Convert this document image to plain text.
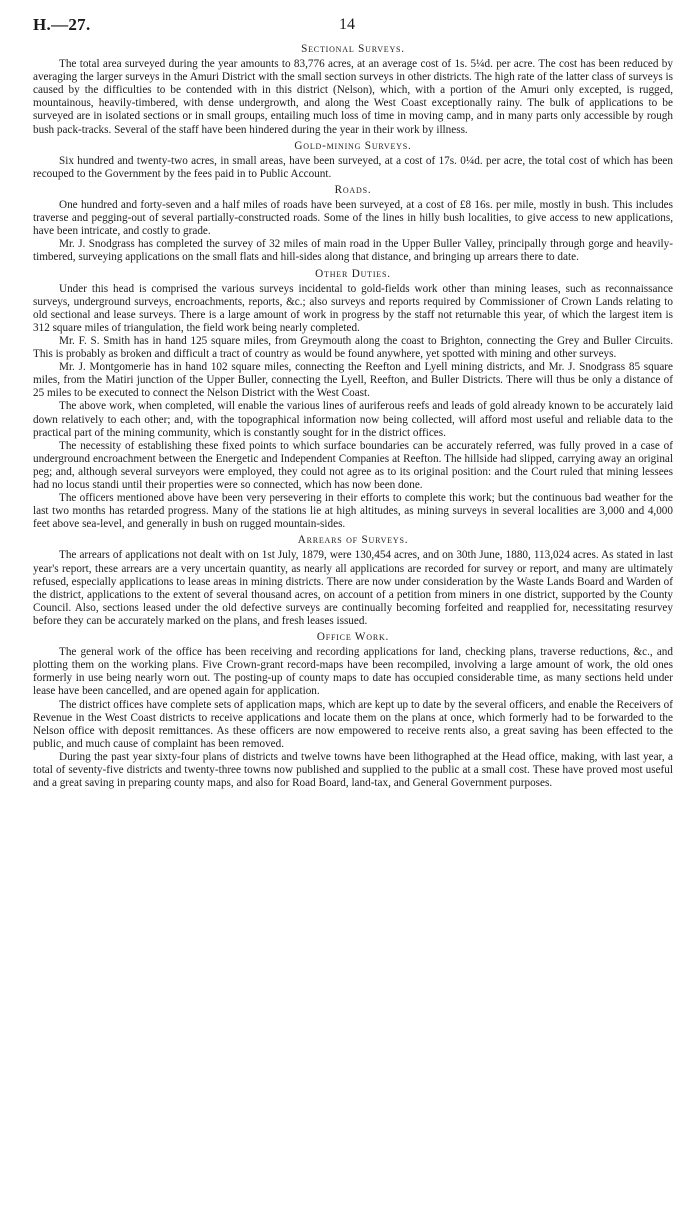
H.—27.	14
Sectional Surveys.

The total area surveyed during the year amounts to 83,776 acres, at an average cost of 1s. 5¼d. per acre. The cost has been reduced by averaging the larger surveys in the Amuri District with the small section surveys in other districts. The high rate of the latter class of surveys is caused by the difficulties to be contended with in this district (Nelson), which, with a portion of the Amuri only excepted, is rugged, mountainous, heavily-timbered, with dense undergrowth, and along the West Coast exceptionally rainy. The bulk of applications to be surveyed are in isolated sections or in small groups, entailing much loss of time in moving camp, and in many parts only accessible by rough bush pack-tracks. Several of the staff have been hindered during the year in their work by illness.

Gold-mining Surveys.

Six hundred and twenty-two acres, in small areas, have been surveyed, at a cost of 17s. 0¼d. per acre, the total cost of which has been recouped to the Government by the fees paid in to Public Account.

Roads.

One hundred and forty-seven and a half miles of roads have been surveyed, at a cost of £8 16s. per mile, mostly in bush. This includes traverse and pegging-out of several partially-constructed roads. Some of the lines in hilly bush localities, to give access to new applications, have been intricate, and costly to grade.

Mr. J. Snodgrass has completed the survey of 32 miles of main road in the Upper Buller Valley, principally through gorge and heavily-timbered, surveying applications on the small flats and hill-sides along that distance, and bringing up arrears there to date.

Other Duties.

Under this head is comprised the various surveys incidental to gold-fields work other than mining leases, such as reconnaissance surveys, underground surveys, encroachments, reports, &c.; also surveys and reports required by Commissioner of Crown Lands relating to old sectional and lease surveys. There is a large amount of work in progress by the staff not returnable this year, of which the largest item is 312 square miles of triangulation, the field work being nearly completed.

Mr. F. S. Smith has in hand 125 square miles, from Greymouth along the coast to Brighton, connecting the Grey and Buller Circuits. This is probably as broken and difficult a tract of country as would be found anywhere, yet spotted with mining and other surveys.

Mr. J. Montgomerie has in hand 102 square miles, connecting the Reefton and Lyell mining districts, and Mr. J. Snodgrass 85 square miles, from the Matiri junction of the Upper Buller, connecting the Lyell, Reefton, and Buller Districts. There will thus be only a distance of 25 miles to be executed to connect the Nelson District with the West Coast.

The above work, when completed, will enable the various lines of auriferous reefs and leads of gold already known to be accurately laid down relatively to each other; and, with the topographical information now being collected, will afford most useful and reliable data to the practical part of the mining community, which is constantly sought for in the district offices.

The necessity of establishing these fixed points to which surface boundaries can be accurately referred, was fully proved in a case of underground encroachment between the Energetic and Independent Companies at Reefton. The hillside had slipped, carrying away an original peg; and, although several surveyors were employed, they could not agree as to its original position: and the Court ruled that mining lessees had no locus standi until their properties were so connected, which has now been done.

The officers mentioned above have been very persevering in their efforts to complete this work; but the continuous bad weather for the last two months has retarded progress. Many of the stations lie at high altitudes, as mining surveys in several localities are 3,000 and 4,000 feet above sea-level, and generally in bush on rugged mountain-sides.

Arrears of Surveys.

The arrears of applications not dealt with on 1st July, 1879, were 130,454 acres, and on 30th June, 1880, 113,024 acres. As stated in last year's report, these arrears are a very uncertain quantity, as nearly all applications are recorded for survey or report, and many are ultimately refused, especially applications to lease areas in mining districts. There are now under consideration by the Waste Lands Board and Warden of the district, applications to the extent of several thousand acres, on account of a petition from miners in one district, supported by the County Council. Also, sections leased under the old defective surveys are continually becoming forfeited and reapplied for, necessitating resurvey before they can be accurately marked on the plans, and fresh leases issued.

Office Work.

The general work of the office has been receiving and recording applications for land, checking plans, traverse reductions, &c., and plotting them on the working plans. Five Crown-grant record-maps have been recompiled, involving a large amount of work, the old ones formerly in use being nearly worn out. The posting-up of county maps to date has occupied considerable time, as many sections held under lease have been cancelled, and are opened again for application.

The district offices have complete sets of application maps, which are kept up to date by the several officers, and enable the Receivers of Revenue in the West Coast districts to receive applications and locate them on the plans at once, which formerly had to be forwarded to the Nelson office with deposit remittances. As these officers are now empowered to receive rents also, a great saving has been effected to the public, and much cause of complaint has been removed.

During the past year sixty-four plans of districts and twelve towns have been lithographed at the Head office, making, with last year, a total of seventy-five districts and twenty-three towns now published and supplied to the public at a small cost. These have proved most useful and a great saving in preparing county maps, and also for Road Board, land-tax, and General Government purposes.
